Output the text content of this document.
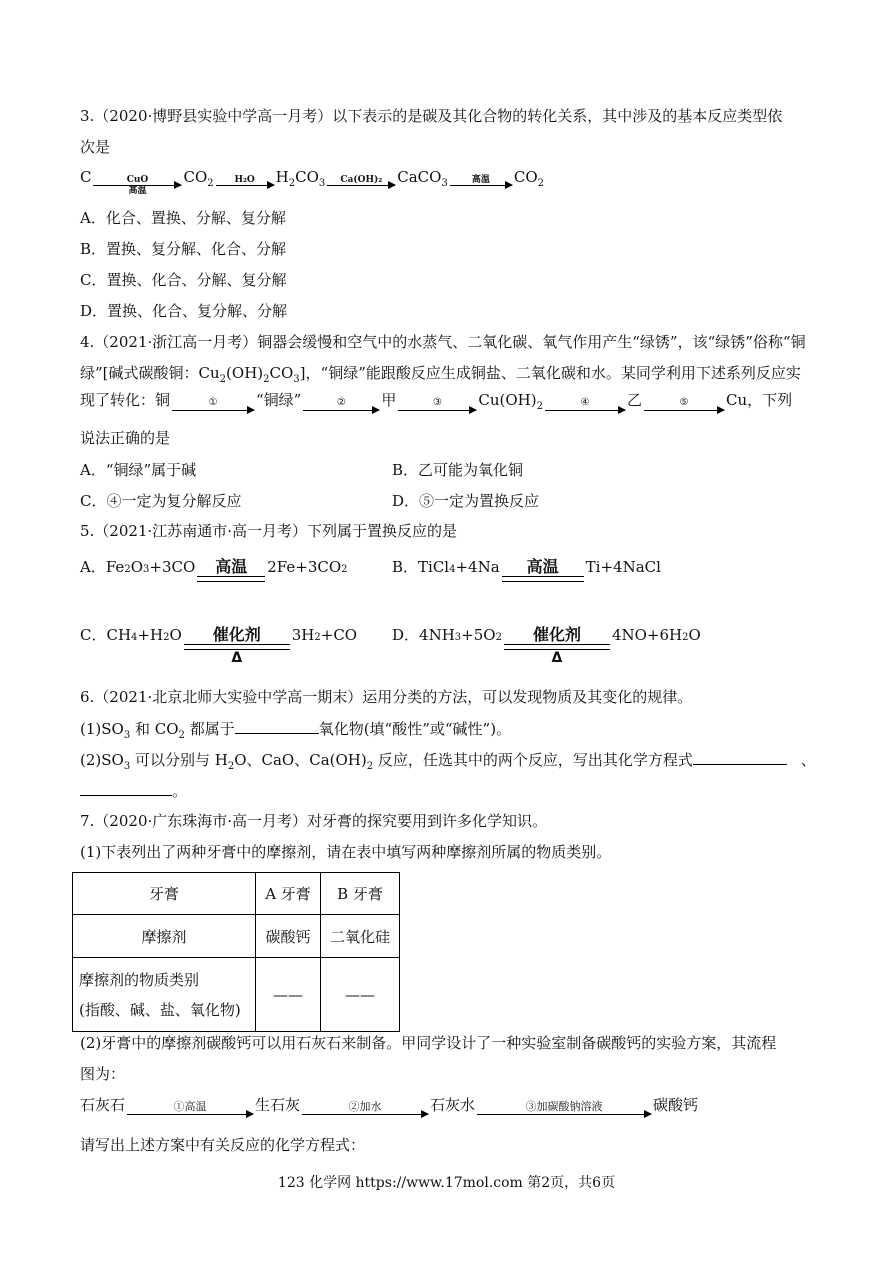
3.（2020·博野县实验中学高一月考）以下表示的是碳及其化合物的转化关系，其中涉及的基本反应类型依
次是
C	CuO
高温
$CO_2$ H₂O $H_2CO_3$ Ca(OH)₂ CaCO$_3$	高温 $CO_2$
A．化合、置换、分解、复分解
B．置换、复分解、化合、分解
C．置换、化合、分解、复分解
D．置换、化合、复分解、分解
4.（2021·浙江高一月考）铜器会缓慢和空气中的水蒸气、二氧化碳、氧气作用产生“绿锈”，该“绿锈”俗称“铜
绿”[碱式碳酸铜：$Cu_2(OH)_2CO_3$]，“铜绿”能跟酸反应生成铜盐、二氧化碳和水。某同学利用下述系列反应实
现了转化：铜	①	“铜绿”	② 甲	③ $Cu(OH)_2$	④	乙	⑤	Cu，下列
说法正确的是
A．“铜绿”属于碱	B．乙可能为氧化铜
C．④一定为复分解反应	D．⑤一定为置换反应
5.（2021·江苏南通市·高一月考）下列属于置换反应的是
A．$Fe_2$ O 3 +3CO 高温 $2Fe+3CO^2$	B．TiCl$_4$ +4Na 高温 Ti+4NaCl
C．$CH_4 +H$ 2 O 催化剂
Δ
$3H^2 +CO$ D．$4NH_3 +5O$ 2 催化剂
Δ
$4NO+6H^2$ O
6.（2021·北京北师大实验中学高一期末）运用分类的方法，可以发现物质及其变化的规律。
$(1)SO_3$ 和 $CO_2$ 都属于	氧化物(填“酸性”或“碱性”)。
$(2)SO_3$ 可以分别与 $H_2O$、CaO、$Ca(OH)_2$ 反应，任选其中的两个反应，写出其化学方程式	、
。
7.（2020·广东珠海市·高一月考）对牙膏的探究要用到许多化学知识。
(1)下表列出了两种牙膏中的摩擦剂，请在表中填写两种摩擦剂所属的物质类别。
牙膏	A 牙膏	B 牙膏
摩擦剂	碳酸钙	二氧化硅

摩擦剂的物质类别
(指酸、碱、盐、氧化物)	——	——
(2)牙膏中的摩擦剂碳酸钙可以用石灰石来制备。甲同学设计了一种实验室制备碳酸钙的实验方案，其流程
图为：
石灰石	①高温	生石灰	②加水	石灰水	③加碳酸钠溶液	碳酸钙
请写出上述方案中有关反应的化学方程式：
123 化学网 https://www.17mol.com 第2页，共6页
